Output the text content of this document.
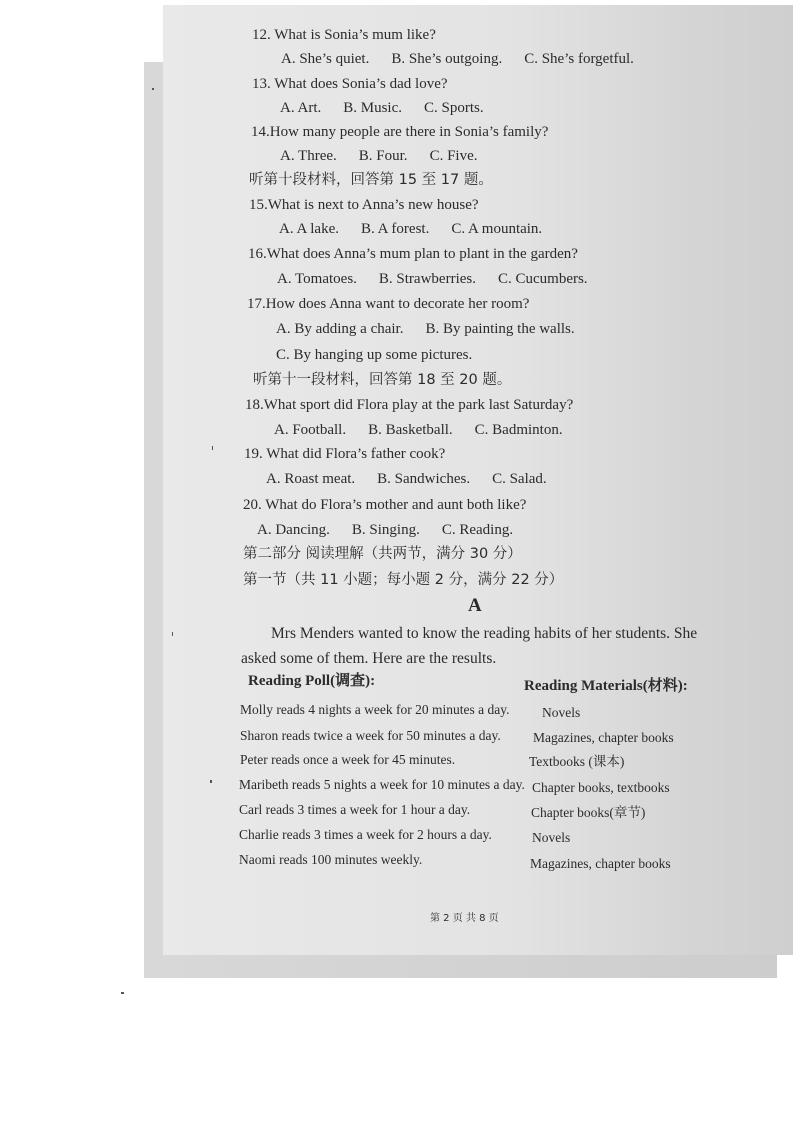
12. What is Sonia’s mum like?
A. She’s quiet. B. She’s outgoing. C. She’s forgetful.
13. What does Sonia’s dad love?
A. Art. B. Music. C. Sports.
14.How many people are there in Sonia’s family?
A. Three. B. Four. C. Five.
听第十段材料，回答第 15 至 17 题。
15.What is next to Anna’s new house?
A. A lake. B. A forest. C. A mountain.
16.What does Anna’s mum plan to plant in the garden?
A. Tomatoes. B. Strawberries. C. Cucumbers.
17.How does Anna want to decorate her room?
A. By adding a chair. B. By painting the walls.
C. By hanging up some pictures.
听第十一段材料，回答第 18 至 20 题。
18.What sport did Flora play at the park last Saturday?
A. Football. B. Basketball. C. Badminton.
19. What did Flora’s father cook?
A. Roast meat. B. Sandwiches. C. Salad.
20. What do Flora’s mother and aunt both like?
A. Dancing. B. Singing. C. Reading.
第二部分 阅读理解（共两节，满分 30 分）
第一节（共 11 小题；每小题 2 分，满分 22 分）
A
Mrs Menders wanted to know the reading habits of her students. She
asked some of them. Here are the results.
Reading Poll(调查):	Reading Materials(材料):
Molly reads 4 nights a week for 20 minutes a day. Novels
Sharon reads twice a week for 50 minutes a day. Magazines, chapter books
Peter reads once a week for 45 minutes.	Textbooks (课本)
Maribeth reads 5 nights a week for 10 minutes a day. Chapter books, textbooks
Carl reads 3 times a week for 1 hour a day.	Chapter books(章节)
Charlie reads 3 times a week for 2 hours a day.	Novels
Naomi reads 100 minutes weekly.	Magazines, chapter books
第 2 页 共 8 页
